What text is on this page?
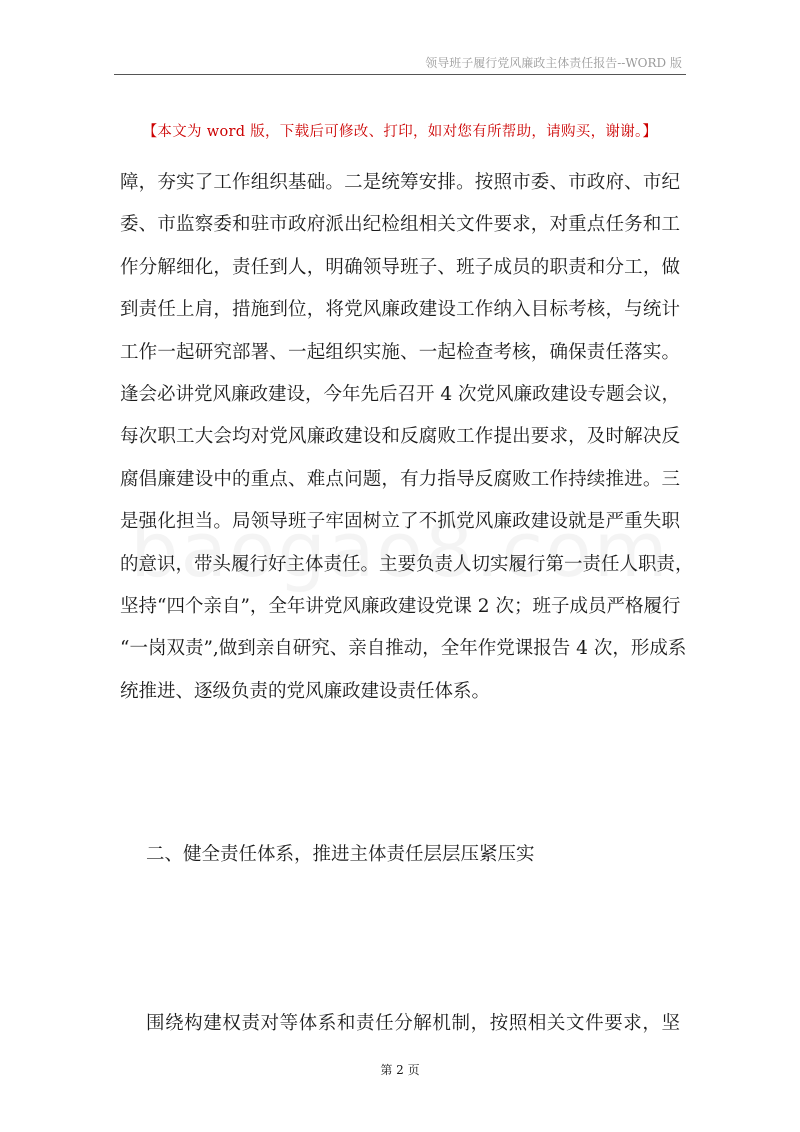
领导班子履行党风廉政主体责任报告--WORD 版
【本文为 word 版，下载后可修改、打印，如对您有所帮助，请购买，谢谢。】
障，夯实了工作组织基础。二是统筹安排。按照市委、市政府、市纪
委、市监察委和驻市政府派出纪检组相关文件要求，对重点任务和工
作分解细化，责任到人，明确领导班子、班子成员的职责和分工，做
到责任上肩，措施到位，将党风廉政建设工作纳入目标考核，与统计
工作一起研究部署、一起组织实施、一起检查考核，确保责任落实。
逢会必讲党风廉政建设，今年先后召开 4 次党风廉政建设专题会议，
每次职工大会均对党风廉政建设和反腐败工作提出要求，及时解决反
腐倡廉建设中的重点、难点问题，有力指导反腐败工作持续推进。三
是强化担当。局领导班子牢固树立了不抓党风廉政建设就是严重失职
的意识，带头履行好主体责任。主要负责人切实履行第一责任人职责，
坚持“四个亲自”，全年讲党风廉政建设党课 2 次；班子成员严格履行
“一岗双责”,做到亲自研究、亲自推动，全年作党课报告 4 次，形成系
统推进、逐级负责的党风廉政建设责任体系。
二、健全责任体系，推进主体责任层层压紧压实

围绕构建权责对等体系和责任分解机制，按照相关文件要求，坚

第 2 页
